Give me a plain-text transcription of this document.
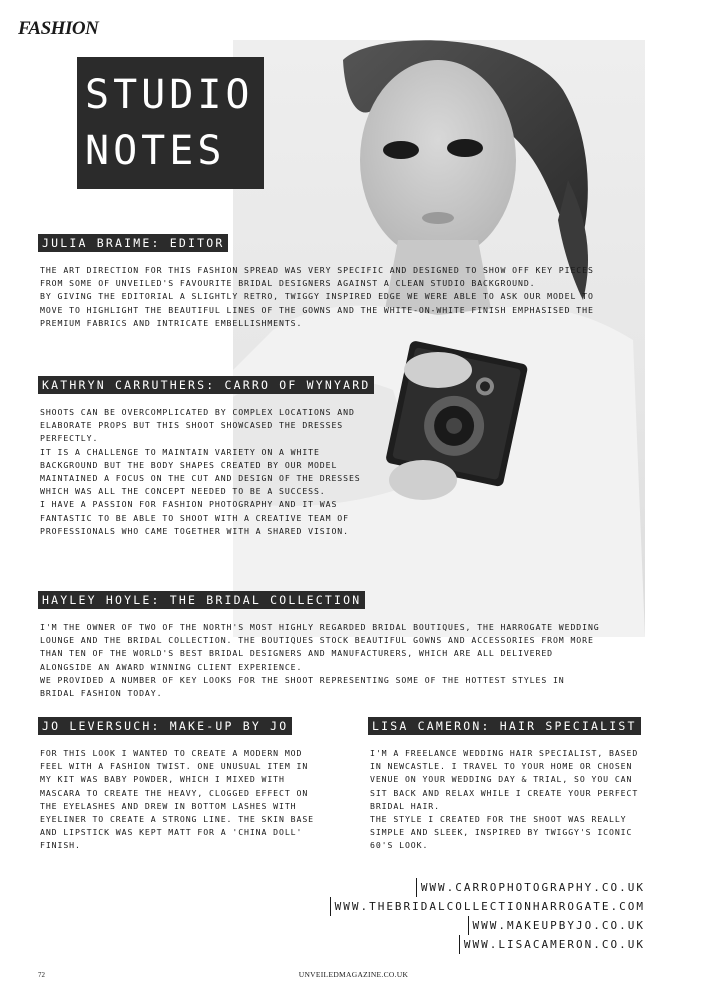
FASHION
STUDIO
NOTES
JULIA BRAIME: EDITOR

THE ART DIRECTION FOR THIS FASHION SPREAD WAS VERY SPECIFIC AND DESIGNED TO SHOW OFF KEY PIECES FROM SOME OF UNVEILED'S FAVOURITE BRIDAL DESIGNERS AGAINST A CLEAN STUDIO BACKGROUND.

BY GIVING THE EDITORIAL A SLIGHTLY RETRO, TWIGGY INSPIRED EDGE WE WERE ABLE TO ASK OUR MODEL TO MOVE TO HIGHLIGHT THE BEAUTIFUL LINES OF THE GOWNS AND THE WHITE-ON-WHITE FINISH EMPHASISED THE PREMIUM FABRICS AND INTRICATE EMBELLISHMENTS.

KATHRYN CARRUTHERS: CARRO OF WYNYARD

SHOOTS CAN BE OVERCOMPLICATED BY COMPLEX LOCATIONS AND ELABORATE PROPS BUT THIS SHOOT SHOWCASED THE DRESSES PERFECTLY.

IT IS A CHALLENGE TO MAINTAIN VARIETY ON A WHITE BACKGROUND BUT THE BODY SHAPES CREATED BY OUR MODEL MAINTAINED A FOCUS ON THE CUT AND DESIGN OF THE DRESSES WHICH WAS ALL THE CONCEPT NEEDED TO BE A SUCCESS.

I HAVE A PASSION FOR FASHION PHOTOGRAPHY AND IT WAS FANTASTIC TO BE ABLE TO SHOOT WITH A CREATIVE TEAM OF PROFESSIONALS WHO CAME TOGETHER WITH A SHARED VISION.

HAYLEY HOYLE: THE BRIDAL COLLECTION

I'M THE OWNER OF TWO OF THE NORTH'S MOST HIGHLY REGARDED BRIDAL BOUTIQUES, THE HARROGATE WEDDING LOUNGE AND THE BRIDAL COLLECTION. THE BOUTIQUES STOCK BEAUTIFUL GOWNS AND ACCESSORIES FROM MORE THAN TEN OF THE WORLD'S BEST BRIDAL DESIGNERS AND MANUFACTURERS, WHICH ARE ALL DELIVERED ALONGSIDE AN AWARD WINNING CLIENT EXPERIENCE.

WE PROVIDED A NUMBER OF KEY LOOKS FOR THE SHOOT REPRESENTING SOME OF THE HOTTEST STYLES IN BRIDAL FASHION TODAY.

JO LEVERSUCH: MAKE-UP BY JO

FOR THIS LOOK I WANTED TO CREATE A MODERN MOD FEEL WITH A FASHION TWIST. ONE UNUSUAL ITEM IN MY KIT WAS BABY POWDER, WHICH I MIXED WITH MASCARA TO CREATE THE HEAVY, CLOGGED EFFECT ON THE EYELASHES AND DREW IN BOTTOM LASHES WITH EYELINER TO CREATE A STRONG LINE. THE SKIN BASE AND LIPSTICK WAS KEPT MATT FOR A 'CHINA DOLL' FINISH.

LISA CAMERON: HAIR SPECIALIST

I'M A FREELANCE WEDDING HAIR SPECIALIST, BASED IN NEWCASTLE. I TRAVEL TO YOUR HOME OR CHOSEN VENUE ON YOUR WEDDING DAY & TRIAL, SO YOU CAN SIT BACK AND RELAX WHILE I CREATE YOUR PERFECT BRIDAL HAIR.

THE STYLE I CREATED FOR THE SHOOT WAS REALLY SIMPLE AND SLEEK, INSPIRED BY TWIGGY'S ICONIC 60'S LOOK.

WWW.CARROPHOTOGRAPHY.CO.UK
WWW.THEBRIDALCOLLECTIONHARROGATE.COM
WWW.MAKEUPBYJO.CO.UK
WWW.LISACAMERON.CO.UK
72	UNVEILEDMAGAZINE.CO.UK
